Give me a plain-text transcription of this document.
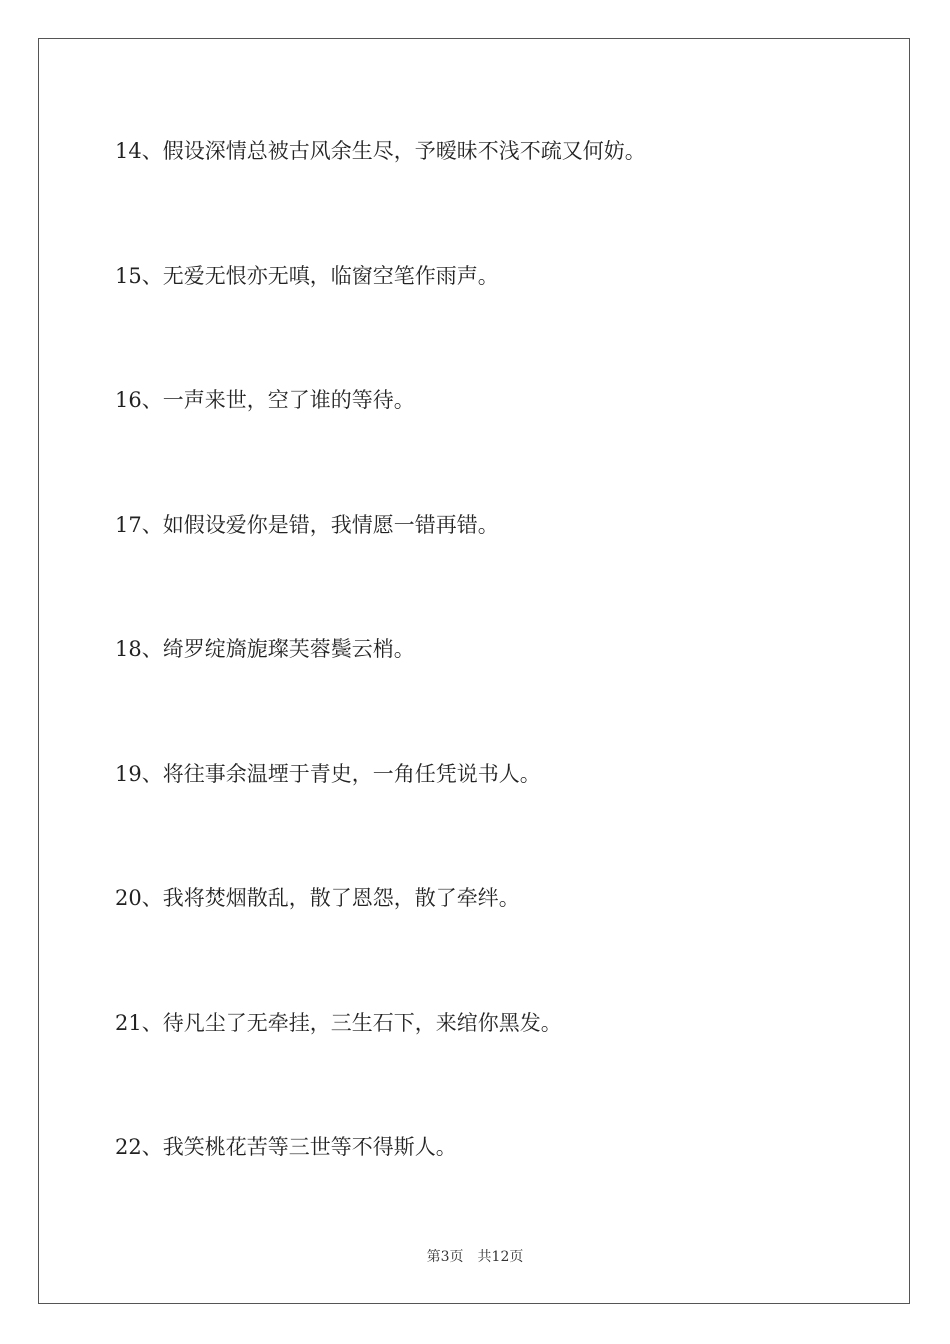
14、假设深情总被古风余生尽，予暧昧不浅不疏又何妨。
15、无爱无恨亦无嗔，临窗空笔作雨声。
16、一声来世，空了谁的等待。
17、如假设爱你是错，我情愿一错再错。
18、绮罗绽旖旎璨芙蓉鬓云梢。
19、将往事余温堙于青史，一角任凭说书人。
20、我将焚烟散乱，散了恩怨，散了牵绊。
21、待凡尘了无牵挂，三生石下，来绾你黑发。
22、我笑桃花苦等三世等不得斯人。
第3页 共12页
